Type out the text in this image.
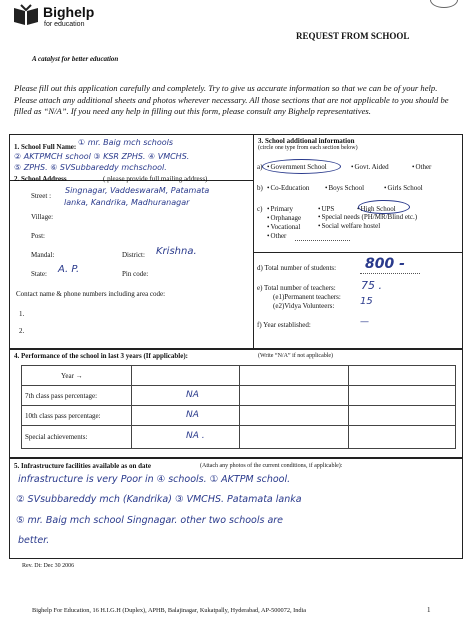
Bighelp
for education
A catalyst for better education
REQUEST FROM SCHOOL
Please fill out this application carefully and completely. Try to give us accurate information so that we can be of your help. Please attach any additional sheets and photos wherever necessary. All those sections that are not applicable to you should be filled as “N/A”. If you need any help in filling out this form, please consult any Bighelp representatives.
1. School Full Name: ① mr. Baig mch schools
② AKTPMCH school ③ KSR ZPHS. ④ VMCHS.
⑤ ZPHS. ⑥ SVSubbareddy mchschool.
2. School Address	( please provide full mailing address)
Street :
Singnagar, VaddeswaraM, Patamata
lanka, Kandrika, Madhuranagar
Village:
Post:
Mandal:	District: Krishna.
State: A. P.	Pin code:
Contact name & phone numbers including area code:
1.
2.
3. School additional information
(circle one type from each section below)
a)	• Government School	• Govt. Aided	• Other
b)	• Co-Education	• Boys School	• Girls School
c)	• Primary	• UPS	• High School
• Orphanage	• Special needs (PH/MR/Blind etc.)
• Vocational	• Social welfare hostel
• Other
d) Total number of students: 800 -
e) Total number of teachers: 75 .
(e1)Permanent teachers:
(e2)Vidya Volunteers:	15
f) Year established:	—
4. Performance of the school in last 3 years (If applicable):	(Write “N/A” if not applicable)
Year →
7th class pass percentage:	NA
10th class pass percentage:	NA
Special achievements:	NA .
5. Infrastructure facilities available as on date	(Attach any photos of the current conditions, if applicable):
infrastructure is very Poor in ④ schools. ① AKTPM school.
② SVsubbareddy mch (Kandrika) ③ VMCHS. Patamata lanka
⑤ mr. Baig mch school Singnagar. other two schools are
better.
Rev. Dt: Dec 30 2006
Bighelp For Education, 16 H.I.G.H (Duplex), APHB, Balajinagar, Kukatpally, Hyderabad, AP-500072, India	1
